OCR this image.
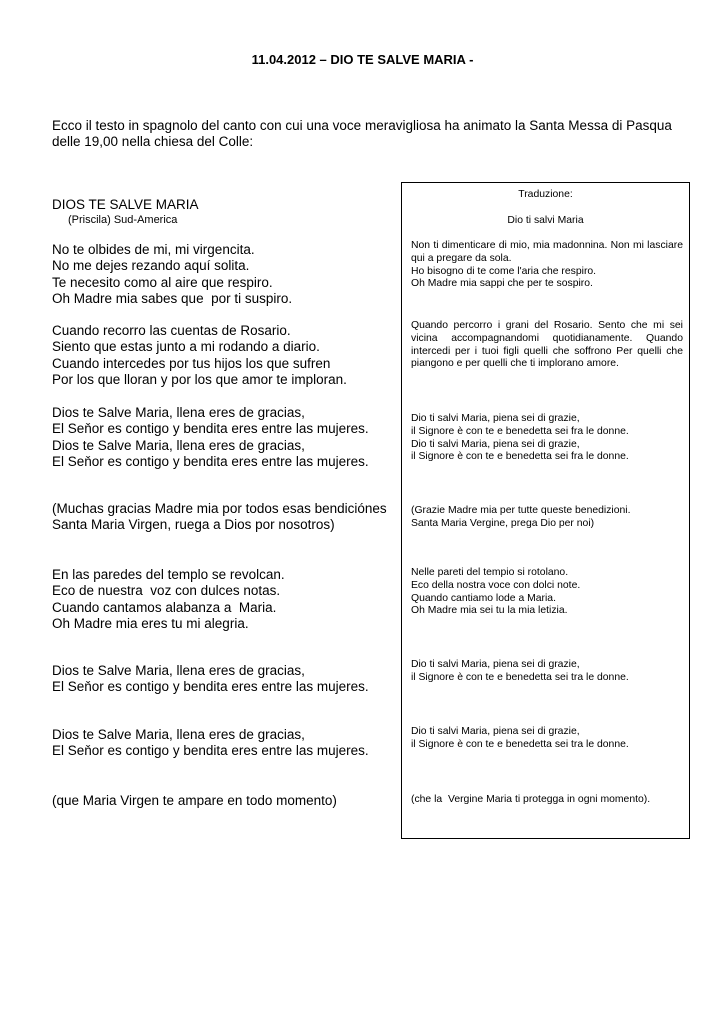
11.04.2012 – DIO TE SALVE MARIA -
Ecco il testo in spagnolo del canto con cui una voce meravigliosa ha animato la Santa Messa di Pasqua delle 19,00 nella chiesa del Colle:
DIOS TE SALVE MARIA
(Priscila) Sud-America
No te olbides de mi, mi virgencita.
No me dejes rezando aquí solita.
Te necesito como al aire que respiro.
Oh Madre mia sabes que  por ti suspiro.
Cuando recorro las cuentas de Rosario.
Siento que estas junto a mi rodando a diario.
Cuando intercedes por tus hijos los que sufren
Por los que lloran y por los que amor te imploran.
Dios te Salve Maria, llena eres de gracias,
El Seňor es contigo y bendita eres entre las mujeres.
Dios te Salve Maria, llena eres de gracias,
El Seňor es contigo y bendita eres entre las mujeres.
(Muchas gracias Madre mia por todos esas bendiciónes
Santa Maria Virgen, ruega a Dios por nosotros)
En las paredes del templo se revolcan.
Eco de nuestra  voz con dulces notas.
Cuando cantamos alabanza a  Maria.
Oh Madre mia eres tu mi alegria.
Dios te Salve Maria, llena eres de gracias,
El Seňor es contigo y bendita eres entre las mujeres.
Dios te Salve Maria, llena eres de gracias,
El Seňor es contigo y bendita eres entre las mujeres.
(que Maria Virgen te ampare en todo momento)
Traduzione:
Dio ti salvi Maria
Non ti dimenticare di mio, mia madonnina. Non mi lasciare qui a pregare da sola.
Ho bisogno di te come l'aria che respiro.
Oh Madre mia sappi che per te sospiro.
Quando percorro i grani del Rosario. Sento che mi sei vicina accompagnandomi quotidianamente. Quando intercedi per i tuoi figli quelli che soffrono Per quelli che piangono e per quelli che ti implorano amore.
Dio ti salvi Maria, piena sei di grazie,
il Signore è con te e benedetta sei fra le donne.
Dio ti salvi Maria, piena sei di grazie,
il Signore è con te e benedetta sei fra le donne.
(Grazie Madre mia per tutte queste benedizioni.
Santa Maria Vergine, prega Dio per noi)
Nelle pareti del tempio si rotolano.
Eco della nostra voce con dolci note.
Quando cantiamo lode a Maria.
Oh Madre mia sei tu la mia letizia.
Dio ti salvi Maria, piena sei di grazie,
il Signore è con te e benedetta sei tra le donne.
Dio ti salvi Maria, piena sei di grazie,
il Signore è con te e benedetta sei tra le donne.
(che la  Vergine Maria ti protegga in ogni momento).
